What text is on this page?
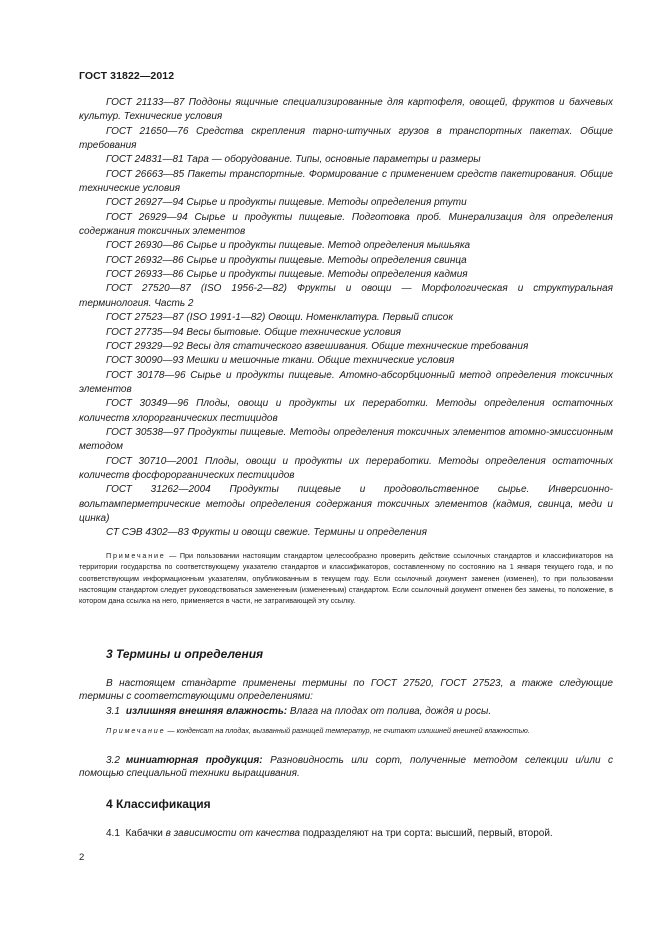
ГОСТ 31822—2012

ГОСТ 21133—87 Поддоны ящичные специализированные для картофеля, овощей, фруктов и бахчевых культур. Технические условия

ГОСТ 21650—76 Средства скрепления тарно-штучных грузов в транспортных пакетах. Общие требования

ГОСТ 24831—81 Тара — оборудование. Типы, основные параметры и размеры

ГОСТ 26663—85 Пакеты транспортные. Формирование с применением средств пакетирования. Общие технические условия

ГОСТ 26927—94 Сырье и продукты пищевые. Методы определения ртути

ГОСТ 26929—94 Сырье и продукты пищевые. Подготовка проб. Минерализация для определения содержания токсичных элементов

ГОСТ 26930—86 Сырье и продукты пищевые. Метод определения мышьяка

ГОСТ 26932—86 Сырье и продукты пищевые. Методы определения свинца

ГОСТ 26933—86 Сырье и продукты пищевые. Методы определения кадмия

ГОСТ 27520—87 (ISO 1956-2—82) Фрукты и овощи — Морфологическая и структуральная терминология. Часть 2

ГОСТ 27523—87 (ISO 1991-1—82) Овощи. Номенклатура. Первый список

ГОСТ 27735—94 Весы бытовые. Общие технические условия

ГОСТ 29329—92 Весы для статического взвешивания. Общие технические требования

ГОСТ 30090—93 Мешки и мешочные ткани. Общие технические условия

ГОСТ 30178—96 Сырье и продукты пищевые. Атомно-абсорбционный метод определения токсичных элементов

ГОСТ 30349—96 Плоды, овощи и продукты их переработки. Методы определения остаточных количеств хлорорганических пестицидов

ГОСТ 30538—97 Продукты пищевые. Методы определения токсичных элементов атомно-эмиссионным методом

ГОСТ 30710—2001 Плоды, овощи и продукты их переработки. Методы определения остаточных количеств фосфорорганических пестицидов

ГОСТ 31262—2004 Продукты пищевые и продовольственное сырье. Инверсионно-вольтамперметрические методы определения содержания токсичных элементов (кадмия, свинца, меди и цинка)

СТ СЭВ 4302—83 Фрукты и овощи свежие. Термины и определения

Примечание — При пользовании настоящим стандартом целесообразно проверить действие ссылочных стандартов и классификаторов на территории государства по соответствующему указателю стандартов и классификаторов, составленному по состоянию на 1 января текущего года, и по соответствующим информационным указателям, опубликованным в текущем году. Если ссылочный документ заменен (изменен), то при пользовании настоящим стандартом следует руководствоваться замененным (измененным) стандартом. Если ссылочный документ отменен без замены, то положение, в котором дана ссылка на него, применяется в части, не затрагивающей эту ссылку.

3 Термины и определения

В настоящем стандарте применены термины по ГОСТ 27520, ГОСТ 27523, а также следующие термины с соответствующими определениями:

3.1 излишняя внешняя влажность: Влага на плодах от полива, дождя и росы.

Примечание — конденсат на плодах, вызванный разницей температур, не считают излишней внешней влажностью.

3.2 миниатюрная продукция: Разновидность или сорт, полученные методом селекции и/или с помощью специальной техники выращивания.

4 Классификация
4.1  Кабачки в зависимости от качества подразделяют на три сорта: высший, первый, второй.
2
